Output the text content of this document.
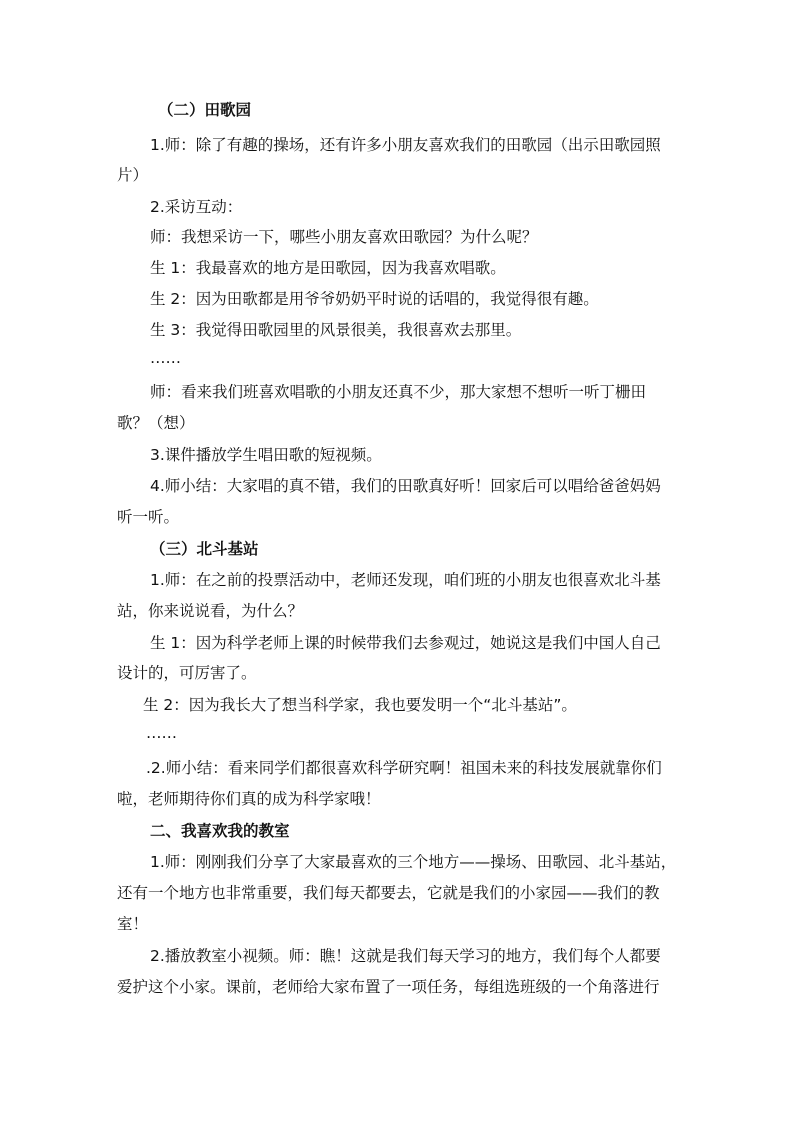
（二）田歌园
1.师：除了有趣的操场，还有许多小朋友喜欢我们的田歌园（出示田歌园照
片）
2.采访互动：
师：我想采访一下，哪些小朋友喜欢田歌园？为什么呢？
生 1：我最喜欢的地方是田歌园，因为我喜欢唱歌。
生 2：因为田歌都是用爷爷奶奶平时说的话唱的，我觉得很有趣。
生 3：我觉得田歌园里的风景很美，我很喜欢去那里。
……
师：看来我们班喜欢唱歌的小朋友还真不少，那大家想不想听一听丁栅田
歌？（想）
3.课件播放学生唱田歌的短视频。
4.师小结：大家唱的真不错，我们的田歌真好听！回家后可以唱给爸爸妈妈
听一听。
（三）北斗基站
1.师：在之前的投票活动中，老师还发现，咱们班的小朋友也很喜欢北斗基
站，你来说说看，为什么？
生 1：因为科学老师上课的时候带我们去参观过，她说这是我们中国人自己
设计的，可厉害了。
生 2：因为我长大了想当科学家，我也要发明一个“北斗基站”。
……
.2.师小结：看来同学们都很喜欢科学研究啊！祖国未来的科技发展就靠你们
啦，老师期待你们真的成为科学家哦！
二、我喜欢我的教室
1.师：刚刚我们分享了大家最喜欢的三个地方——操场、田歌园、北斗基站，
还有一个地方也非常重要，我们每天都要去，它就是我们的小家园——我们的教
室！
2.播放教室小视频。师：瞧！这就是我们每天学习的地方，我们每个人都要
爱护这个小家。课前，老师给大家布置了一项任务，每组选班级的一个角落进行
